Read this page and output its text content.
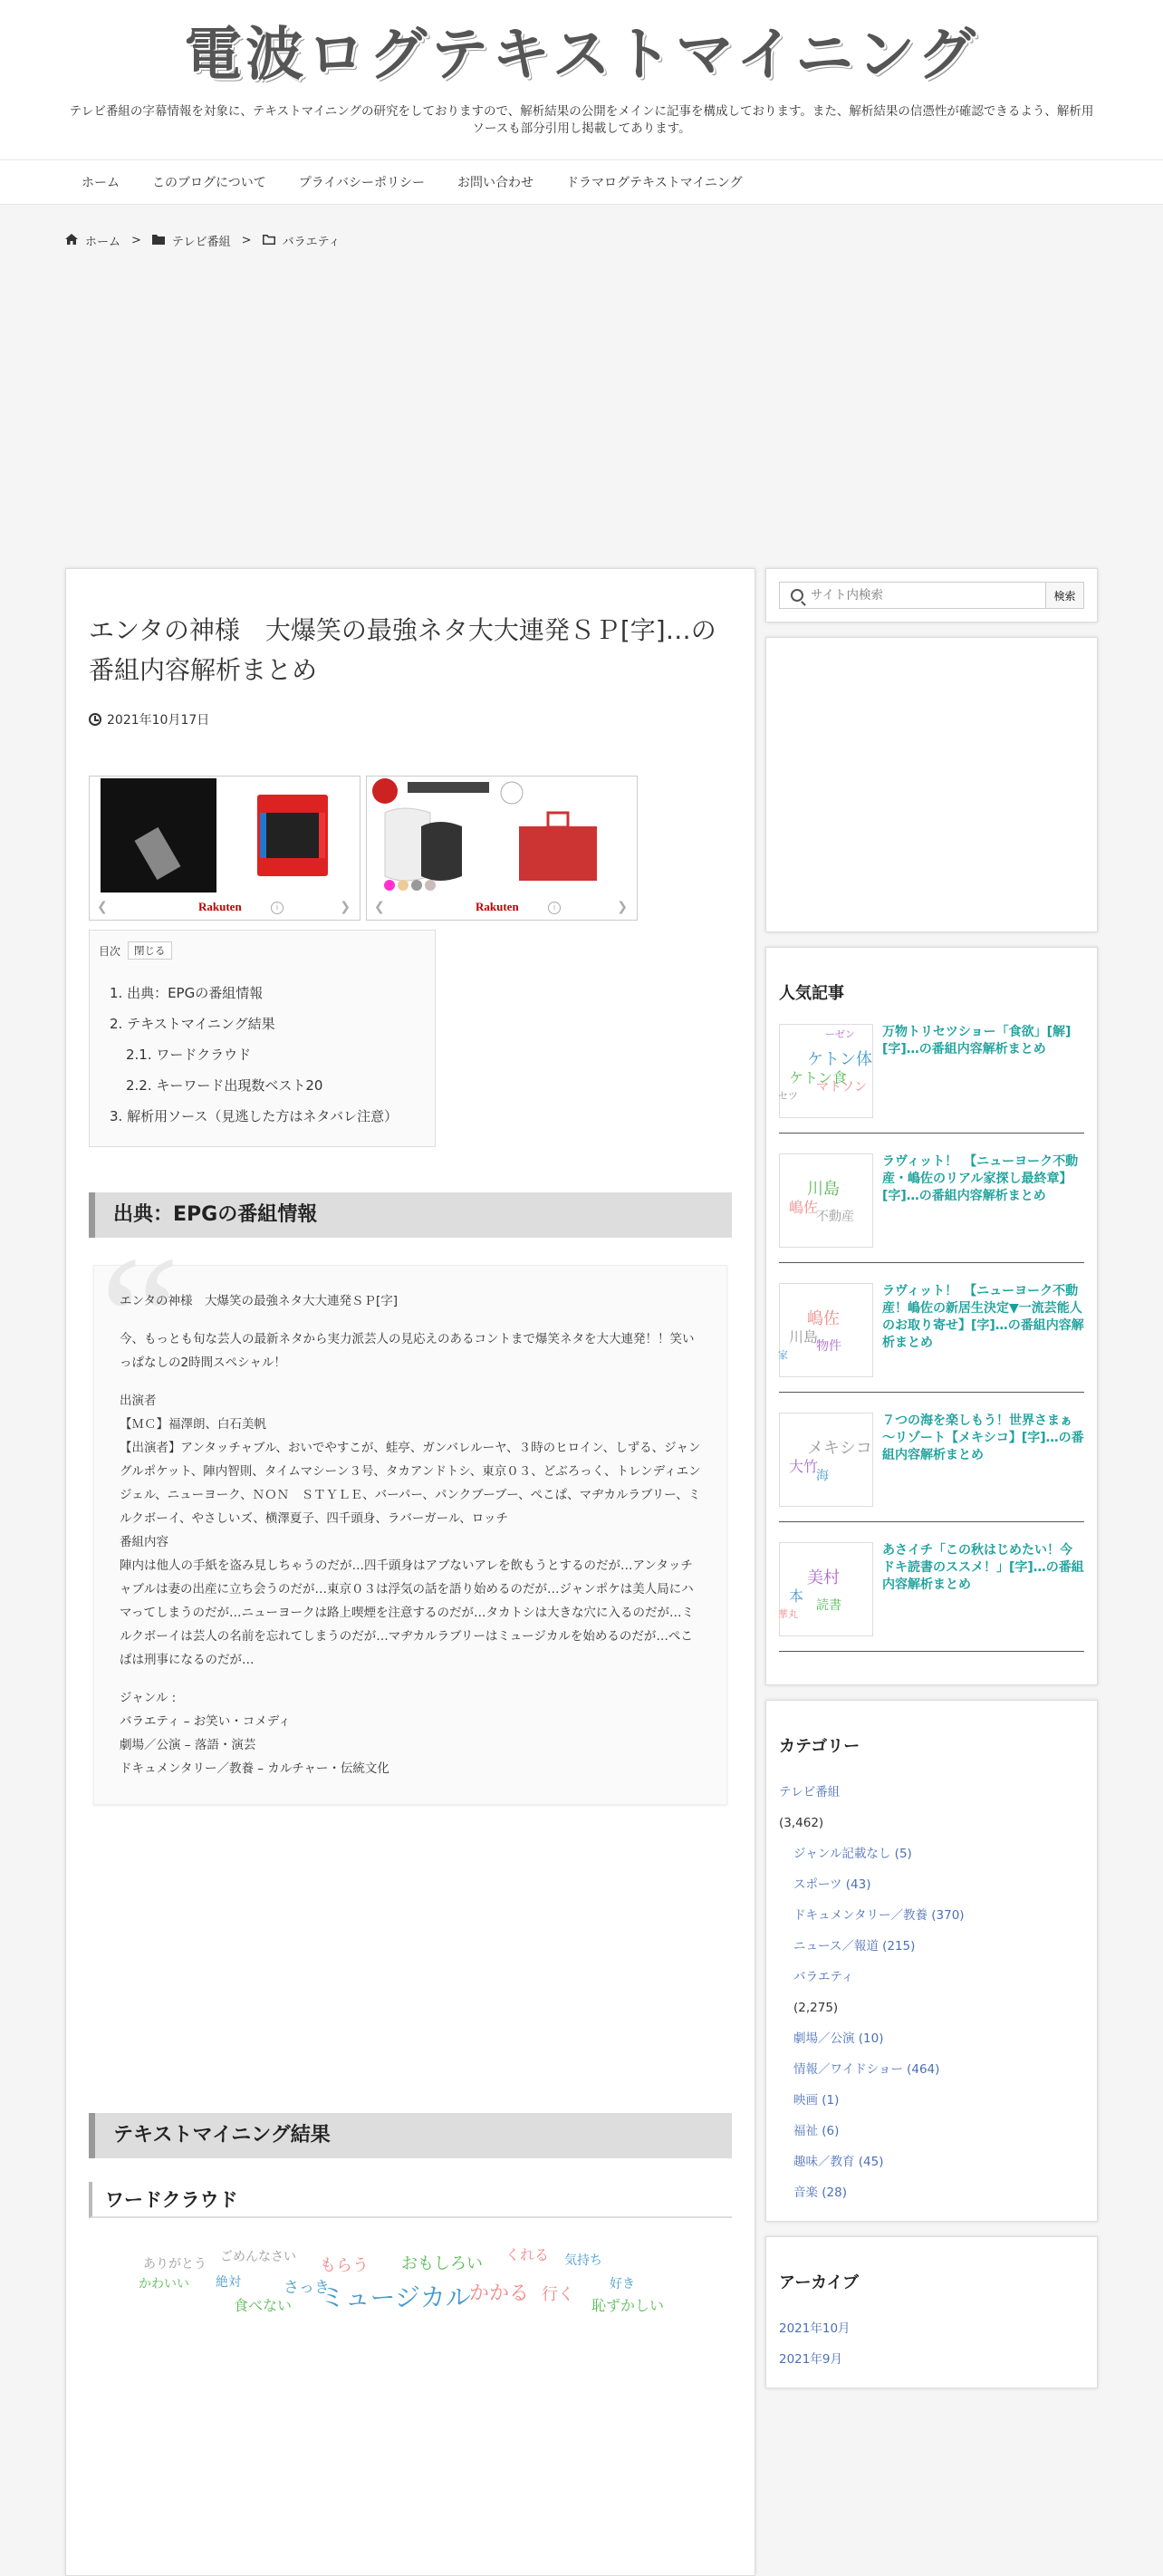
電波ログテキストマイニング
テレビ番組の字幕情報を対象に、テキストマイニングの研究をしておりますので、解析結果の公開をメインに記事を構成しております。また、解析結果の信憑性が確認できるよう、解析用ソースも部分引用し掲載してあります。
ホーム	このブログについて	プライバシーポリシー	お問い合わせ	ドラマログテキストマイニング
ホーム >	テレビ番組 >	バラエティ
エンタの神様　大爆笑の最強ネタ大大連発ＳＰ[字]…の番組内容解析まとめ
2021年10月17日
❮	Rakuten	i	❯ ❮	Rakuten	i	❯
目次	閉じる
1. 出典：EPGの番組情報
2. テキストマイニング結果
2.1. ワードクラウド
2.2. キーワード出現数ベスト20
3. 解析用ソース（見逃した方はネタバレ注意）
出典：EPGの番組情報

“ エンタの神様　大爆笑の最強ネタ大大連発ＳＰ[字]

今、もっとも旬な芸人の最新ネタから実力派芸人の見応えのあるコントまで爆笑ネタを大大連発！！笑いっぱなしの2時間スペシャル！

出演者

【ＭＣ】福澤朗、白石美帆

【出演者】アンタッチャブル、おいでやすこが、蛙亭、ガンバレルーヤ、３時のヒロイン、しずる、ジャングルポケット、陣内智則、タイムマシーン３号、タカアンドトシ、東京０３、どぶろっく、トレンディエンジェル、ニューヨーク、ＮＯＮ　ＳＴＹＬＥ、バーパー、パンクブーブー、ぺこぱ、マヂカルラブリー、ミルクボーイ、やさしいズ、横澤夏子、四千頭身、ラバーガール、ロッチ

番組内容

陣内は他人の手紙を盗み見しちゃうのだが…四千頭身はアブないアレを飲もうとするのだが…アンタッチャブルは妻の出産に立ち会うのだが…東京０３は浮気の話を語り始めるのだが…ジャンポケは美人局にハマってしまうのだが…ニューヨークは路上喫煙を注意するのだが…タカトシは大きな穴に入るのだが…ミルクボーイは芸人の名前を忘れてしまうのだが…マヂカルラブリーはミュージカルを始めるのだが…ぺこぱは刑事になるのだが…

ジャンル :

バラエティ – お笑い・コメディ

劇場／公演 – 落語・演芸

ドキュメンタリー／教養 – カルチャー・伝統文化

テキストマイニング結果
ワードクラウド
ありがとう ごめんなさい もらう おもしろい くれる 気持ち
かわいい 絶対	さっき
ミュージカル
かかる 行く
好き
食べない	恥ずかしい
サイト内検索
検索
人気記事
ケトン体
ケトン食
マトソン
セツ
ーゼン 万物トリセツショー「食欲」[解][字]…の番組内容解析まとめ
川島
嶋佐
不動産
ラヴィット！　【ニューヨーク不動産・嶋佐のリアル家探し最終章】[字]…の番組内容解析まとめ
嶋佐
川島
物件
家
ラヴィット！　【ニューヨーク不動産！嶋佐の新居生決定▼一流芸能人のお取り寄せ】[字]…の番組内容解析まとめ
メキシコ
大竹
海
７つの海を楽しもう！世界さまぁ～リゾート【メキシコ】[字]…の番組内容解析まとめ
美村
本
読書
華丸
あさイチ「この秋はじめたい！今ドキ読書のススメ！」[字]…の番組内容解析まとめ
カテゴリー
テレビ番組
(3,462)
ジャンル記載なし (5)
スポーツ (43)
ドキュメンタリー／教養 (370)
ニュース／報道 (215)
バラエティ
(2,275)
劇場／公演 (10)
情報／ワイドショー (464)
映画 (1)
福祉 (6)
趣味／教育 (45)
音楽 (28)
アーカイブ
2021年10月
2021年9月
